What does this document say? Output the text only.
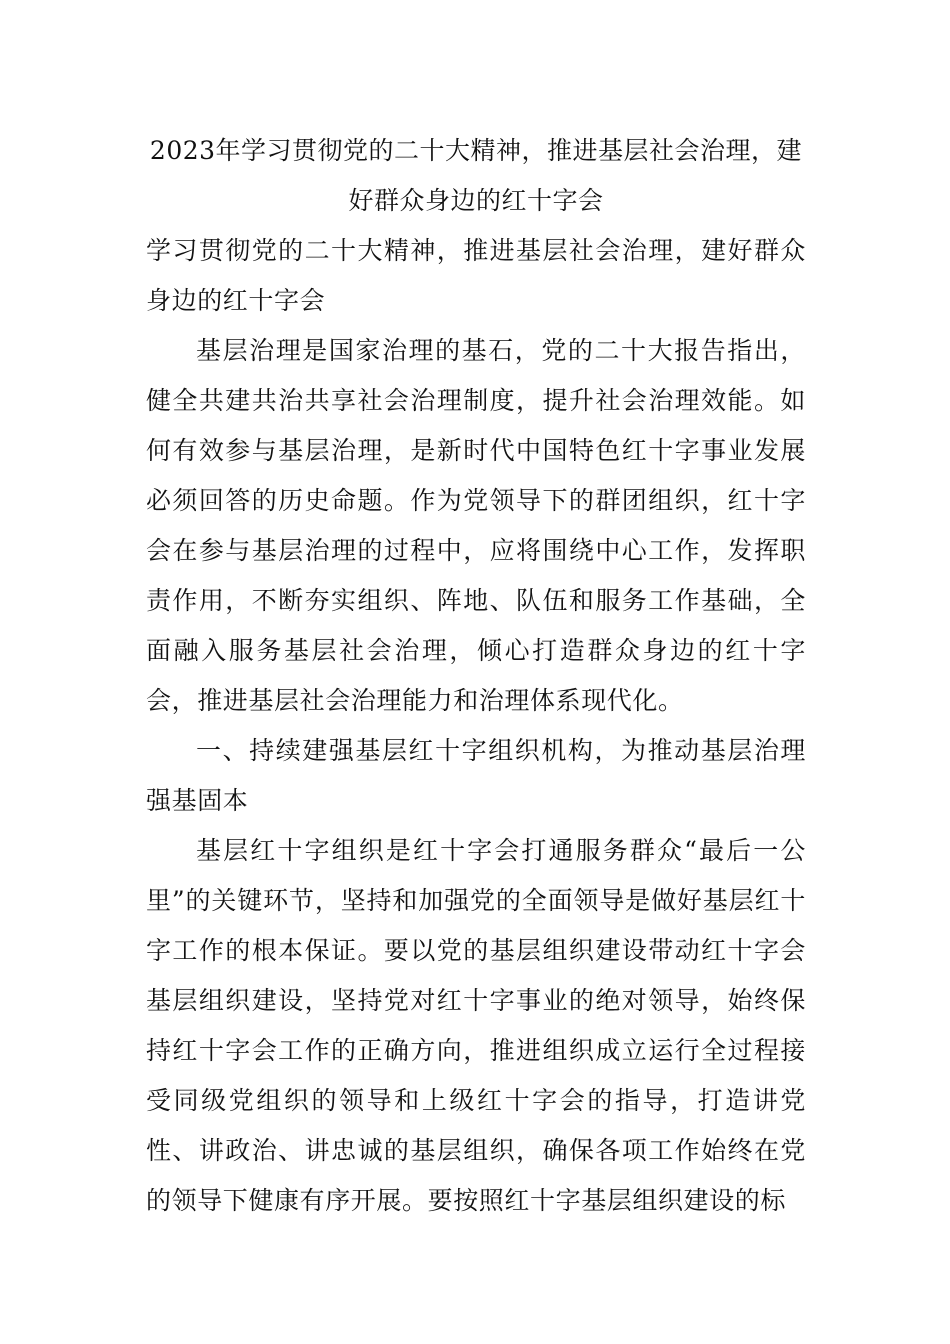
2023年学习贯彻党的二十大精神，推进基层社会治理，建好群众身边的红十字会

学习贯彻党的二十大精神，推进基层社会治理，建好群众身边的红十字会

基层治理是国家治理的基石，党的二十大报告指出，健全共建共治共享社会治理制度，提升社会治理效能。如何有效参与基层治理，是新时代中国特色红十字事业发展必须回答的历史命题。作为党领导下的群团组织，红十字会在参与基层治理的过程中，应将围绕中心工作，发挥职责作用，不断夯实组织、阵地、队伍和服务工作基础，全面融入服务基层社会治理，倾心打造群众身边的红十字会，推进基层社会治理能力和治理体系现代化。

一、持续建强基层红十字组织机构，为推动基层治理强基固本

基层红十字组织是红十字会打通服务群众“最后一公里”的关键环节，坚持和加强党的全面领导是做好基层红十字工作的根本保证。要以党的基层组织建设带动红十字会基层组织建设，坚持党对红十字事业的绝对领导，始终保持红十字会工作的正确方向，推进组织成立运行全过程接受同级党组织的领导和上级红十字会的指导，打造讲党性、讲政治、讲忠诚的基层组织，确保各项工作始终在党的领导下健康有序开展。要按照红十字基层组织建设的标
